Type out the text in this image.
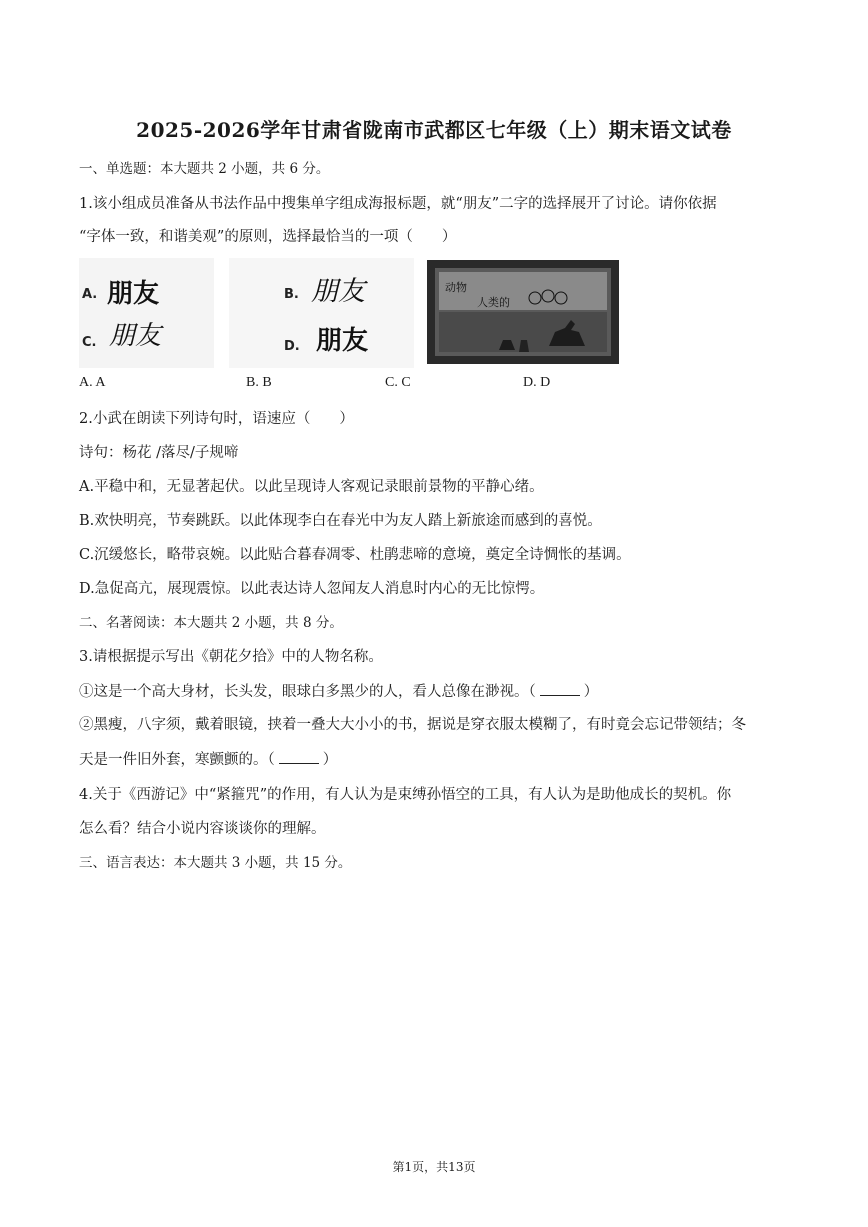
2025-2026学年甘肃省陇南市武都区七年级（上）期末语文试卷
一、单选题：本大题共 2 小题，共 6 分。
1.该小组成员准备从书法作品中搜集单字组成海报标题，就“朋友”二字的选择展开了讨论。请你依据
“字体一致，和谐美观”的原则，选择最恰当的一项（　　）
A. 朋友	B. 朋友
C. 朋友	D. 朋友
动物
人类的
A. A	B. B	C. C	D. D
2.小武在朗读下列诗句时，语速应（　　）
诗句：杨花 /落尽/子规啼
A.平稳中和，无显著起伏。以此呈现诗人客观记录眼前景物的平静心绪。
B.欢快明亮，节奏跳跃。以此体现李白在春光中为友人踏上新旅途而感到的喜悦。
C.沉缓悠长，略带哀婉。以此贴合暮春凋零、杜鹃悲啼的意境，奠定全诗惆怅的基调。
D.急促高亢，展现震惊。以此表达诗人忽闻友人消息时内心的无比惊愕。
二、名著阅读：本大题共 2 小题，共 8 分。
3.请根据提示写出《朝花夕拾》中的人物名称。
①这是一个高大身材，长头发，眼球白多黑少的人，看人总像在渺视。（	）
②黑瘦，八字须，戴着眼镜，挟着一叠大大小小的书，据说是穿衣服太模糊了，有时竟会忘记带领结；冬
天是一件旧外套，寒颤颤的。（	）
4.关于《西游记》中“紧箍咒”的作用，有人认为是束缚孙悟空的工具，有人认为是助他成长的契机。你
怎么看？结合小说内容谈谈你的理解。
三、语言表达：本大题共 3 小题，共 15 分。
第1页，共13页
